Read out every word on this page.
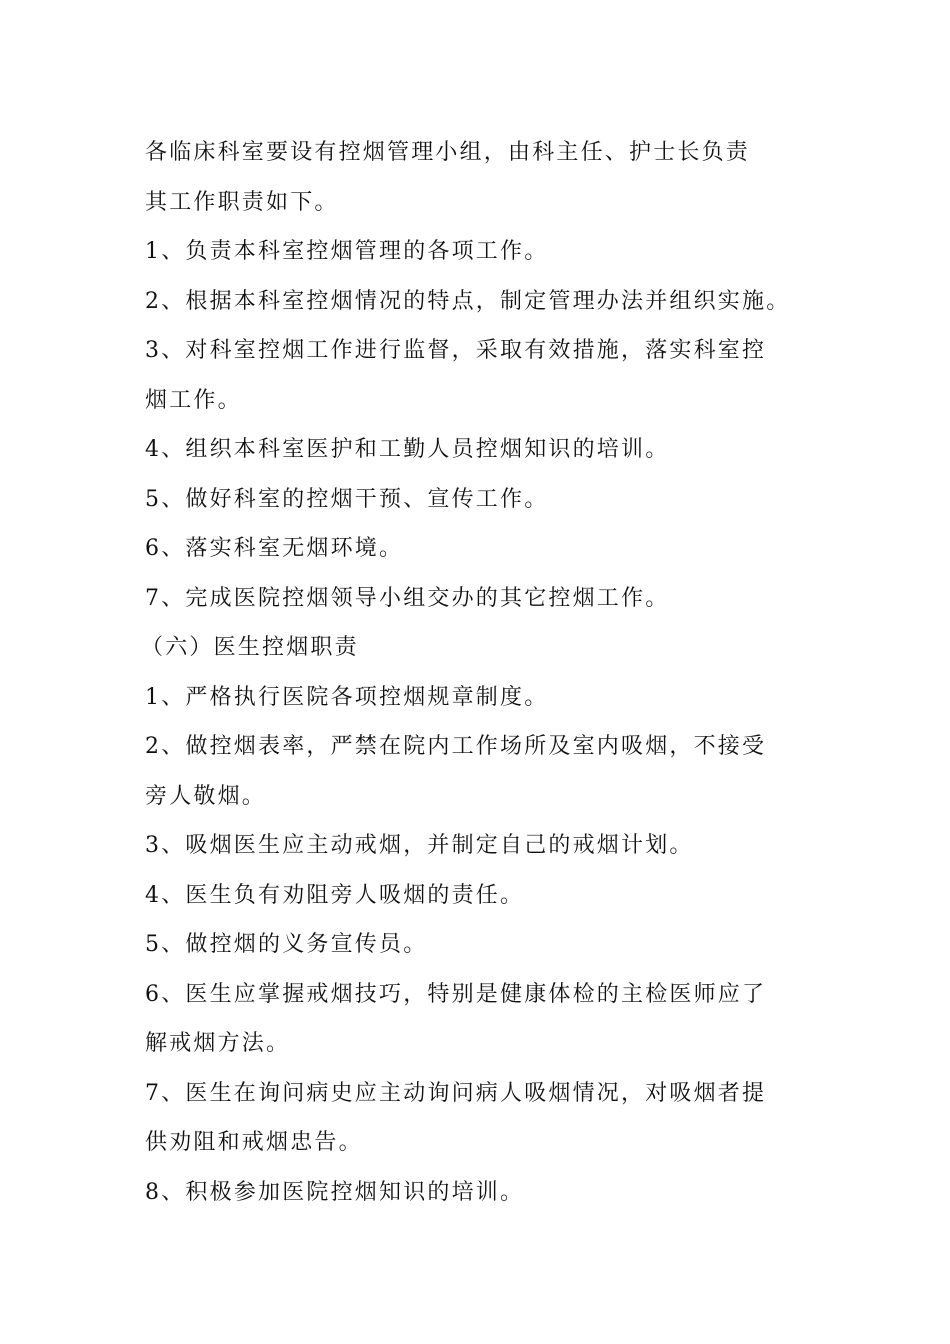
各临床科室要设有控烟管理小组，由科主任、护士长负责
其工作职责如下。
1、负责本科室控烟管理的各项工作。
2、根据本科室控烟情况的特点，制定管理办法并组织实施。
3、对科室控烟工作进行监督，采取有效措施，落实科室控
烟工作。
4、组织本科室医护和工勤人员控烟知识的培训。
5、做好科室的控烟干预、宣传工作。
6、落实科室无烟环境。
7、完成医院控烟领导小组交办的其它控烟工作。
（六）医生控烟职责
1、严格执行医院各项控烟规章制度。
2、做控烟表率，严禁在院内工作场所及室内吸烟，不接受
旁人敬烟。
3、吸烟医生应主动戒烟，并制定自己的戒烟计划。
4、医生负有劝阻旁人吸烟的责任。
5、做控烟的义务宣传员。
6、医生应掌握戒烟技巧，特别是健康体检的主检医师应了
解戒烟方法。
7、医生在询问病史应主动询问病人吸烟情况，对吸烟者提
供劝阻和戒烟忠告。
8、积极参加医院控烟知识的培训。
